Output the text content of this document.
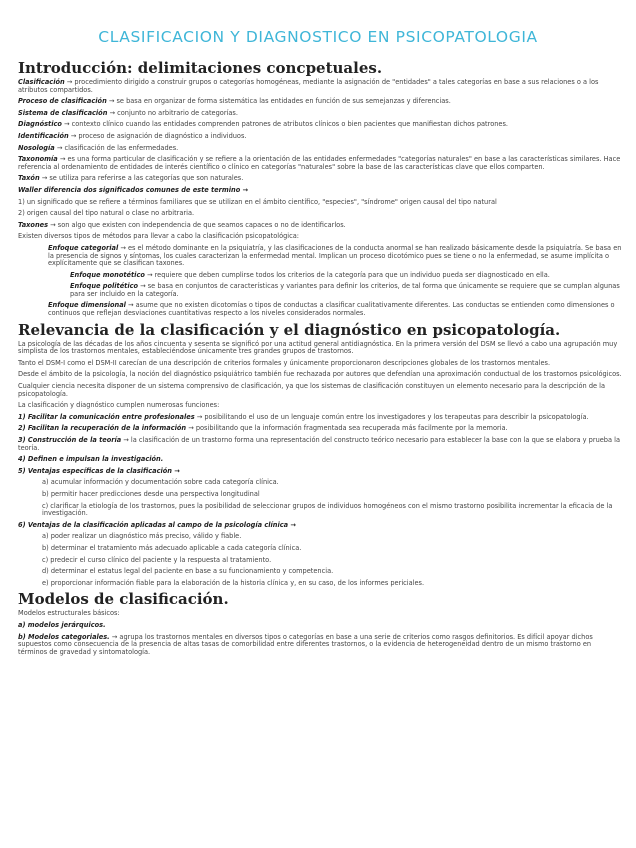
CLASIFICACION Y DIAGNOSTICO EN PSICOPATOLOGIA
Introducción: delimitaciones concpetuales.

Clasificación → procedimiento dirigido a construir grupos o categorías homogéneas, mediante la asignación de "entidades" a tales categorías en base a sus relaciones o a los atributos compartidos.

Proceso de clasificación → se basa en organizar de forma sistemática las entidades en función de sus semejanzas y diferencias.

Sistema de clasificación → conjunto no arbitrario de categorías.

Diagnóstico → contexto clínico cuando las entidades comprenden patrones de atributos clínicos o bien pacientes que manifiestan dichos patrones.

Identificación → proceso de asignación de diagnóstico a individuos.

Nosología → clasificación de las enfermedades.

Taxonomía → es una forma particular de clasificación y se refiere a la orientación de las entidades enfermedades "categorías naturales" en base a las características similares. Hace referencia al ordenamiento de entidades de interés científico o clínico en categorías "naturales" sobre la base de las características clave que ellos comparten.

Taxón → se utiliza para referirse a las categorías que son naturales.

Waller diferencia dos significados comunes de este termino →

1) un significado que se refiere a términos familiares que se utilizan en el ámbito científico, "especies", "síndrome" origen causal del tipo natural

2) origen causal del tipo natural o clase no arbitraria.

Taxones → son algo que existen con independencia de que seamos capaces o no de identificarlos.

Existen diversos tipos de métodos para llevar a cabo la clasificación psicopatológica:

Enfoque categorial → es el método dominante en la psiquiatría, y las clasificaciones de la conducta anormal se han realizado básicamente desde la psiquiatría. Se basa en la presencia de signos y síntomas, los cuales caracterizan la enfermedad mental. Implican un proceso dicotómico pues se tiene o no la enfermedad, se asume implícita o explícitamente que se clasifican taxones.

Enfoque monotético → requiere que deben cumplirse todos los criterios de la categoría para que un individuo pueda ser diagnosticado en ella.

Enfoque politético → se basa en conjuntos de características y variantes para definir los criterios, de tal forma que únicamente se requiere que se cumplan algunas para ser incluido en la categoría.

Enfoque dimensional → asume que no existen dicotomías o tipos de conductas a clasificar cualitativamente diferentes. Las conductas se entienden como dimensiones o continuos que reflejan desviaciones cuantitativas respecto a los niveles considerados normales.

Relevancia de la clasificación y el diagnóstico en psicopatología.

La psicología de las décadas de los años cincuenta y sesenta se significó por una actitud general antidiagnóstica. En la primera versión del DSM se llevó a cabo una agrupación muy simplista de los trastornos mentales, estableciéndose únicamente tres grandes grupos de trastornos.

Tanto el DSM-I como el DSM-II carecían de una descripción de criterios formales y únicamente proporcionaron descripciones globales de los trastornos mentales.

Desde el ámbito de la psicología, la noción del diagnóstico psiquiátrico también fue rechazada por autores que defendían una aproximación conductual de los trastornos psicológicos.

Cualquier ciencia necesita disponer de un sistema comprensivo de clasificación, ya que los sistemas de clasificación constituyen un elemento necesario para la descripción de la psicopatología.

La clasificación y diagnóstico cumplen numerosas funciones:

1) Facilitar la comunicación entre profesionales → posibilitando el uso de un lenguaje común entre los investigadores y los terapeutas para describir la psicopatología.

2) Facilitan la recuperación de la información → posibilitando que la información fragmentada sea recuperada más facilmente por la memoria.

3) Construcción de la teoría → la clasificación de un trastorno forma una representación del constructo teórico necesario para establecer la base con la que se elabora y prueba la teoría.

4) Definen e impulsan la investigación.

5) Ventajas específicas de la clasificación →

a) acumular información y documentación sobre cada categoría clínica.

b) permitir hacer predicciones desde una perspectiva longitudinal

c) clarificar la etiología de los trastornos, pues la posibilidad de seleccionar grupos de individuos homogéneos con el mismo trastorno posibilita incrementar la eficacia de la investigación.

6) Ventajas de la clasificación aplicadas al campo de la psicología clínica →

a) poder realizar un diagnóstico más preciso, válido y fiable.

b) determinar el tratamiento más adecuado aplicable a cada categoría clínica.

c) predecir el curso clínico del paciente y la respuesta al tratamiento.

d) determinar el estatus legal del paciente en base a su funcionamiento y competencia.

e) proporcionar información fiable para la elaboración de la historia clínica y, en su caso, de los informes periciales.

Modelos de clasificación.

Modelos estructurales básicos:

a) modelos jerárquicos.

b) Modelos categoriales. → agrupa los trastornos mentales en diversos tipos o categorías en base a una serie de criterios como rasgos definitorios. Es difícil apoyar dichos supuestos como consecuencia de la presencia de altas tasas de comorbilidad entre diferentes trastornos, o la evidencia de heterogeneidad dentro de un mismo trastorno en términos de gravedad y sintomatología.
